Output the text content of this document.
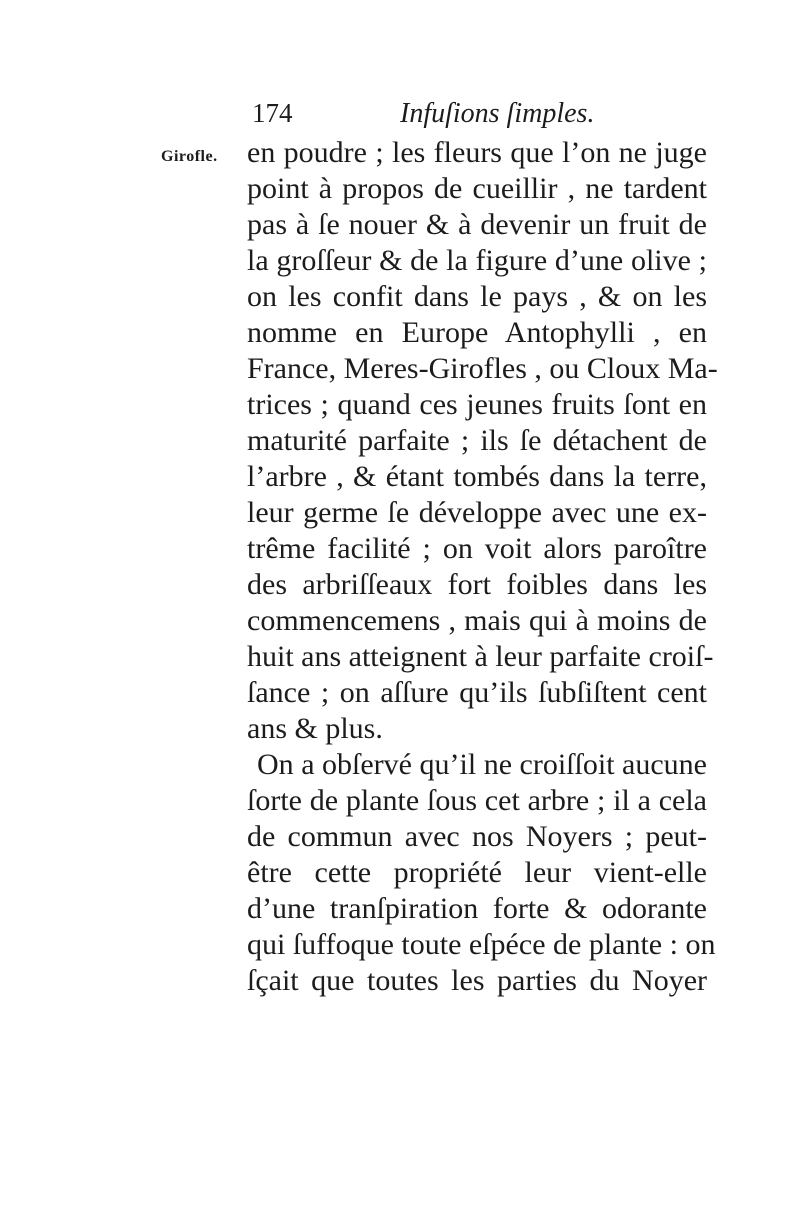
174	Infuſions ſimples.
Girofle. en poudre ; les fleurs que l’on ne juge
point à propos de cueillir , ne tardent
pas à ſe nouer & à devenir un fruit de
la groſſeur & de la figure d’une olive ;
on les confit dans le pays , & on les
nomme en Europe Antophylli , en
France, Meres-Girofles , ou Cloux Ma-
trices ; quand ces jeunes fruits ſont en
maturité parfaite ; ils ſe détachent de
l’arbre , & étant tombés dans la terre,
leur germe ſe développe avec une ex-
trême facilité ; on voit alors paroître
des arbriſſeaux fort foibles dans les
commencemens , mais qui à moins de
huit ans atteignent à leur parfaite croiſ-
ſance ; on aſſure qu’ils ſubſiſtent cent
ans & plus.
On a obſervé qu’il ne croiſſoit aucune
ſorte de plante ſous cet arbre ; il a cela
de commun avec nos Noyers ; peut-
être cette propriété leur vient-elle
d’une tranſpiration forte & odorante
qui ſuffoque toute eſpéce de plante : on
ſçait que toutes les parties du Noyer
